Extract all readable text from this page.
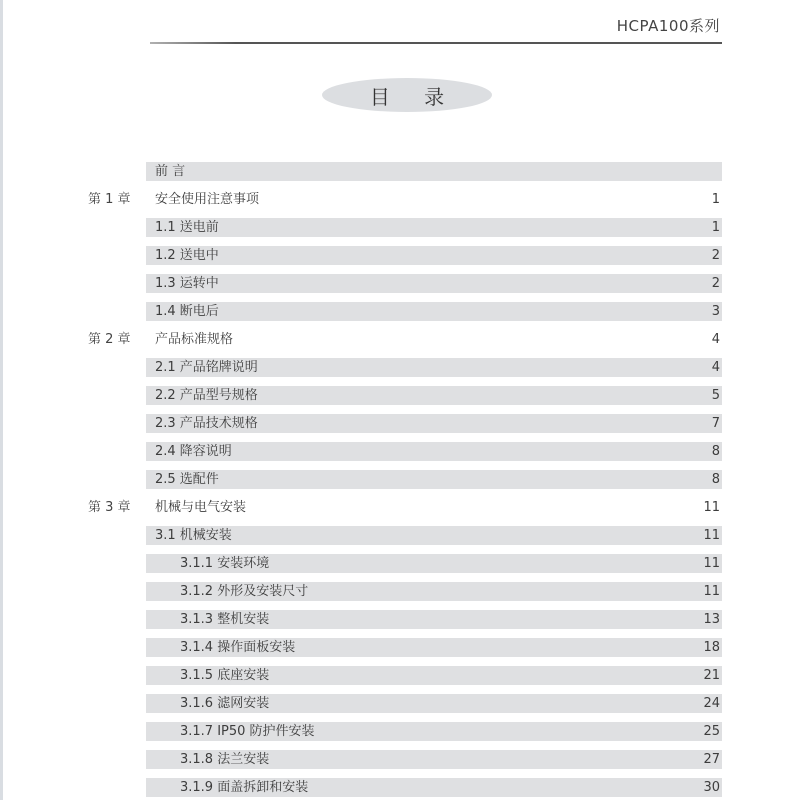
HCPA100系列
目 录
前 言
第 1 章 安全使用注意事项	1
1.1 送电前	1
1.2 送电中	2
1.3 运转中	2
1.4 断电后	3
第 2 章 产品标准规格	4
2.1 产品铭牌说明	4
2.2 产品型号规格	5
2.3 产品技术规格	7
2.4 降容说明	8
2.5 选配件	8
第 3 章 机械与电气安装	11
3.1 机械安装	11
3.1.1 安装环境	11
3.1.2 外形及安装尺寸	11
3.1.3 整机安装	13
3.1.4 操作面板安装	18
3.1.5 底座安装	21
3.1.6 滤网安装	24
3.1.7 IP50 防护件安装	25
3.1.8 法兰安装	27
3.1.9 面盖拆卸和安装	30
